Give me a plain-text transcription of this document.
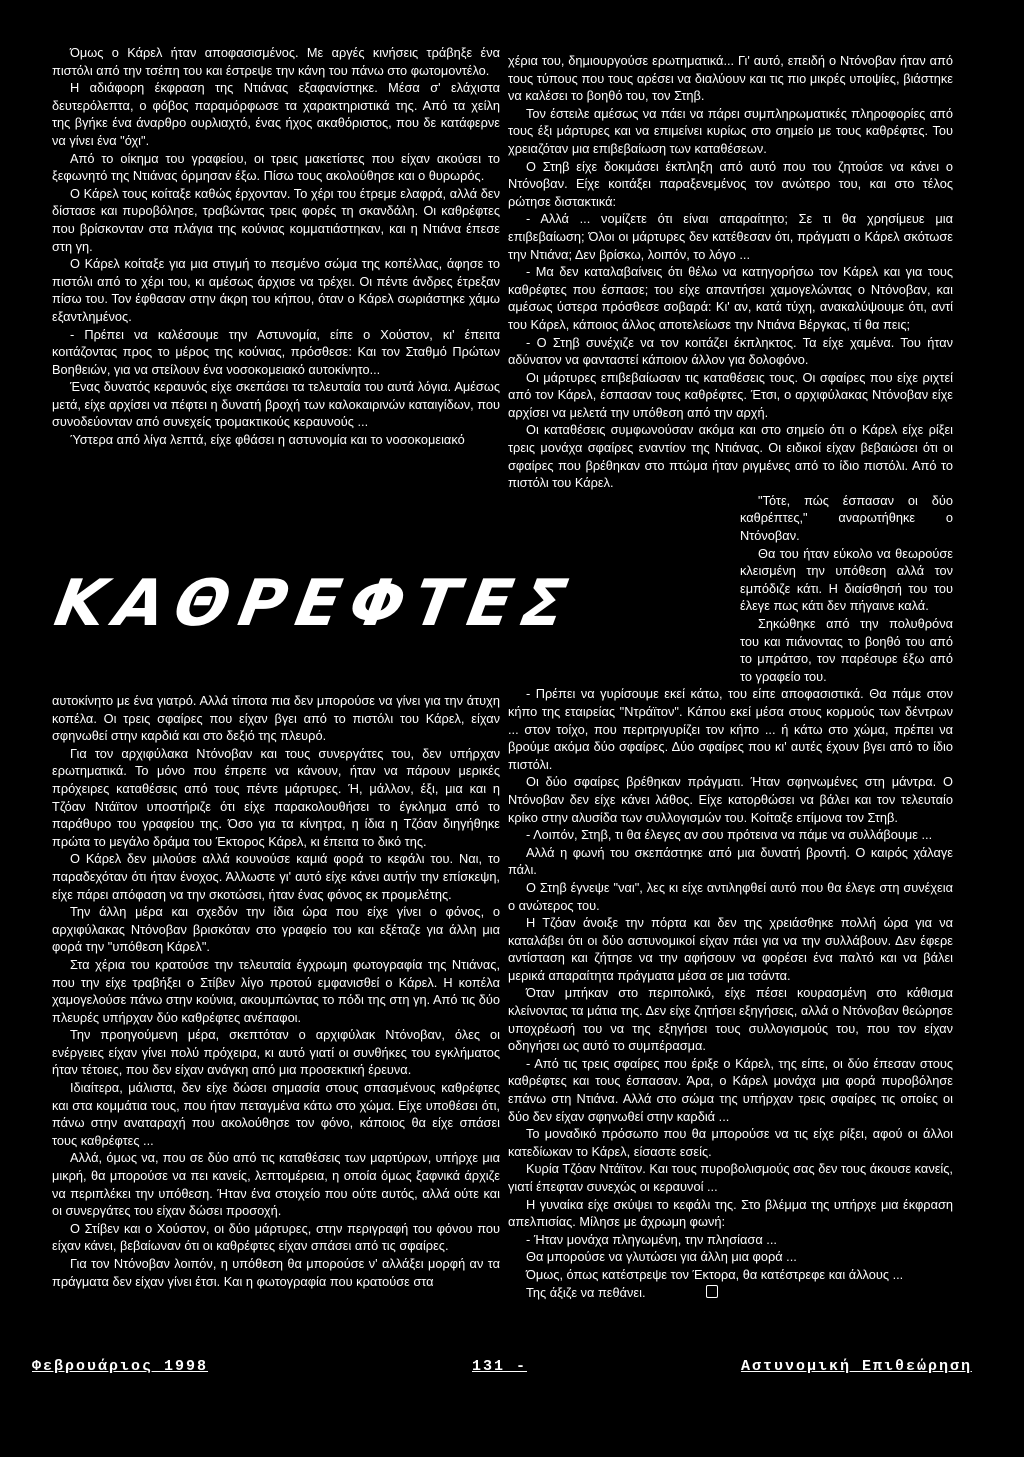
Όμως ο Κάρελ ήταν αποφασισμένος. Με αργές κινήσεις τράβηξε ένα πιστόλι από την τσέπη του και έστρεψε την κάνη του πάνω στο φωτομοντέλο.

Η αδιάφορη έκφραση της Ντιάνας εξαφανίστηκε. Μέσα σ' ελάχιστα δευτερόλεπτα, ο φόβος παραμόρφωσε τα χαρακτηριστικά της. Από τα χείλη της βγήκε ένα άναρθρο ουρλιαχτό, ένας ήχος ακαθόριστος, που δε κατάφερνε να γίνει ένα "όχι".

Από το οίκημα του γραφείου, οι τρεις μακετίστες που είχαν ακούσει το ξεφωνητό της Ντιάνας όρμησαν έξω. Πίσω τους ακολούθησε και ο θυρωρός.

Ο Κάρελ τους κοίταξε καθώς έρχονταν. Το χέρι του έτρεμε ελαφρά, αλλά δεν δίστασε και πυροβόλησε, τραβώντας τρεις φορές τη σκανδάλη. Οι καθρέφτες που βρίσκονταν στα πλάγια της κούνιας κομματιάστηκαν, και η Ντιάνα έπεσε στη γη.

Ο Κάρελ κοίταξε για μια στιγμή το πεσμένο σώμα της κοπέλλας, άφησε το πιστόλι από το χέρι του, κι αμέσως άρχισε να τρέχει. Οι πέντε άνδρες έτρεξαν πίσω του. Τον έφθασαν στην άκρη του κήπου, όταν ο Κάρελ σωριάστηκε χάμω εξαντλημένος.

- Πρέπει να καλέσουμε την Αστυνομία, είπε ο Χούστον, κι' έπειτα κοιτάζοντας προς το μέρος της κούνιας, πρόσθεσε: Και τον Σταθμό Πρώτων Βοηθειών, για να στείλουν ένα νοσοκομειακό αυτοκίνητο...

Ένας δυνατός κεραυνός είχε σκεπάσει τα τελευταία του αυτά λόγια. Αμέσως μετά, είχε αρχίσει να πέφτει η δυνατή βροχή των καλοκαιρινών καταιγίδων, που συνοδεύονταν από συνεχείς τρομακτικούς κεραυνούς ...

Ύστερα από λίγα λεπτά, είχε φθάσει η αστυνομία και το νοσοκομειακό

ΚΑΘΡΕΦΤΕΣ

αυτοκίνητο με ένα γιατρό. Αλλά τίποτα πια δεν μπορούσε να γίνει για την άτυχη κοπέλα. Οι τρεις σφαίρες που είχαν βγει από το πιστόλι του Κάρελ, είχαν σφηνωθεί στην καρδιά και στο δεξιό της πλευρό.

Για τον αρχιφύλακα Ντόνοβαν και τους συνεργάτες του, δεν υπήρχαν ερωτηματικά. Το μόνο που έπρεπε να κάνουν, ήταν να πάρουν μερικές πρόχειρες καταθέσεις από τους πέντε μάρτυρες. Ή, μάλλον, έξι, μια και η Τζόαν Ντάϊτον υποστήριζε ότι είχε παρακολουθήσει το έγκλημα από το παράθυρο του γραφείου της. Όσο για τα κίνητρα, η ίδια η Τζόαν διηγήθηκε πρώτα το μεγάλο δράμα του Έκτορος Κάρελ, κι έπειτα το δικό της.

Ο Κάρελ δεν μιλούσε αλλά κουνούσε καμιά φορά το κεφάλι του. Ναι, το παραδεχόταν ότι ήταν ένοχος. Άλλωστε γι' αυτό είχε κάνει αυτήν την επίσκεψη, είχε πάρει απόφαση να την σκοτώσει, ήταν ένας φόνος εκ προμελέτης.

Την άλλη μέρα και σχεδόν την ίδια ώρα που είχε γίνει ο φόνος, ο αρχιφύλακας Ντόνοβαν βρισκόταν στο γραφείο του και εξέταζε για άλλη μια φορά την "υπόθεση Κάρελ".

Στα χέρια του κρατούσε την τελευταία έγχρωμη φωτογραφία της Ντιάνας, που την είχε τραβήξει ο Στίβεν λίγο προτού εμφανισθεί ο Κάρελ. Η κοπέλα χαμογελούσε πάνω στην κούνια, ακουμπώντας το πόδι της στη γη. Από τις δύο πλευρές υπήρχαν δύο καθρέφτες ανέπαφοι.

Την προηγούμενη μέρα, σκεπτόταν ο αρχιφύλακ Ντόνοβαν, όλες οι ενέργειες είχαν γίνει πολύ πρόχειρα, κι αυτό γιατί οι συνθήκες του εγκλήματος ήταν τέτοιες, που δεν είχαν ανάγκη από μια προσεκτική έρευνα.

Ιδιαίτερα, μάλιστα, δεν είχε δώσει σημασία στους σπασμένους καθρέφτες και στα κομμάτια τους, που ήταν πεταγμένα κάτω στο χώμα. Είχε υποθέσει ότι, πάνω στην αναταραχή που ακολούθησε τον φόνο, κάποιος θα είχε σπάσει τους καθρέφτες ...

Αλλά, όμως να, που σε δύο από τις καταθέσεις των μαρτύρων, υπήρχε μια μικρή, θα μπορούσε να πει κανείς, λεπτομέρεια, η οποία όμως ξαφνικά άρχιζε να περιπλέκει την υπόθεση. Ήταν ένα στοιχείο που ούτε αυτός, αλλά ούτε και οι συνεργάτες του είχαν δώσει προσοχή.

Ο Στίβεν και ο Χούστον, οι δύο μάρτυρες, στην περιγραφή του φόνου που είχαν κάνει, βεβαίωναν ότι οι καθρέφτες είχαν σπάσει από τις σφαίρες.

Για τον Ντόνοβαν λοιπόν, η υπόθεση θα μπορούσε ν' αλλάξει μορφή αν τα πράγματα δεν είχαν γίνει έτσι. Και η φωτογραφία που κρατούσε στα

χέρια του, δημιουργούσε ερωτηματικά... Γι' αυτό, επειδή ο Ντόνοβαν ήταν από τους τύπους που τους αρέσει να διαλύουν και τις πιο μικρές υποψίες, βιάστηκε να καλέσει το βοηθό του, τον Στηβ.

Τον έστειλε αμέσως να πάει να πάρει συμπληρωματικές πληροφορίες από τους έξι μάρτυρες και να επιμείνει κυρίως στο σημείο με τους καθρέφτες. Του χρειαζόταν μια επιβεβαίωση των καταθέσεων.

Ο Στηβ είχε δοκιμάσει έκπληξη από αυτό που του ζητούσε να κάνει ο Ντόνοβαν. Είχε κοιτάξει παραξενεμένος τον ανώτερο του, και στο τέλος ρώτησε διστακτικά:

- Αλλά ... νομίζετε ότι είναι απαραίτητο; Σε τι θα χρησίμευε μια επιβεβαίωση; Όλοι οι μάρτυρες δεν κατέθεσαν ότι, πράγματι ο Κάρελ σκότωσε την Ντιάνα; Δεν βρίσκω, λοιπόν, το λόγο ...

- Μα δεν καταλαβαίνεις ότι θέλω να κατηγορήσω τον Κάρελ και για τους καθρέφτες που έσπασε; του είχε απαντήσει χαμογελώντας ο Ντόνοβαν, και αμέσως ύστερα πρόσθεσε σοβαρά: Κι' αν, κατά τύχη, ανακαλύψουμε ότι, αντί του Κάρελ, κάποιος άλλος αποτελείωσε την Ντιάνα Βέργκας, τί θα πεις;

- Ο Στηβ συνέχιζε να τον κοιτάζει έκπληκτος. Τα είχε χαμένα. Του ήταν αδύνατον να φανταστεί κάποιον άλλον για δολοφόνο.

Οι μάρτυρες επιβεβαίωσαν τις καταθέσεις τους. Οι σφαίρες που είχε ριχτεί από τον Κάρελ, έσπασαν τους καθρέφτες. Έτσι, ο αρχιφύλακας Ντόνοβαν είχε αρχίσει να μελετά την υπόθεση από την αρχή.

Οι καταθέσεις συμφωνούσαν ακόμα και στο σημείο ότι ο Κάρελ είχε ρίξει τρεις μονάχα σφαίρες εναντίον της Ντιάνας. Οι ειδικοί είχαν βεβαιώσει ότι οι σφαίρες που βρέθηκαν στο πτώμα ήταν ριγμένες από το ίδιο πιστόλι. Από το πιστόλι του Κάρελ.

"Τότε, πώς έσπασαν οι δύο καθρέπτες," αναρωτήθηκε ο Ντόνοβαν.

Θα του ήταν εύκολο να θεωρούσε κλεισμένη την υπόθεση αλλά τον εμπόδιζε κάτι. Η διαίσθησή του του έλεγε πως κάτι δεν πήγαινε καλά.

Σηκώθηκε από την πολυθρόνα του και πιάνοντας το βοηθό του από το μπράτσο, τον παρέσυρε έξω από το γραφείο του.

- Πρέπει να γυρίσουμε εκεί κάτω, του είπε αποφασιστικά. Θα πάμε στον κήπο της εταιρείας "Ντράϊτον". Κάπου εκεί μέσα στους κορμούς των δέντρων ... στον τοίχο, που περιτριγυρίζει τον κήπο ... ή κάτω στο χώμα, πρέπει να βρούμε ακόμα δύο σφαίρες. Δύο σφαίρες που κι' αυτές έχουν βγει από το ίδιο πιστόλι.

Οι δύο σφαίρες βρέθηκαν πράγματι. Ήταν σφηνωμένες στη μάντρα. Ο Ντόνοβαν δεν είχε κάνει λάθος. Είχε κατορθώσει να βάλει και τον τελευταίο κρίκο στην αλυσίδα των συλλογισμών του. Κοίταξε επίμονα τον Στηβ.

- Λοιπόν, Στηβ, τι θα έλεγες αν σου πρότεινα να πάμε να συλλάβουμε ...

Αλλά η φωνή του σκεπάστηκε από μια δυνατή βροντή. Ο καιρός χάλαγε πάλι.

Ο Στηβ έγνεψε "ναι", λες κι είχε αντιληφθεί αυτό που θα έλεγε στη συνέχεια ο ανώτερος του.

Η Τζόαν άνοιξε την πόρτα και δεν της χρειάσθηκε πολλή ώρα για να καταλάβει ότι οι δύο αστυνομικοί είχαν πάει για να την συλλάβουν. Δεν έφερε αντίσταση και ζήτησε να την αφήσουν να φορέσει ένα παλτό και να βάλει μερικά απαραίτητα πράγματα μέσα σε μια τσάντα.

Όταν μπήκαν στο περιπολικό, είχε πέσει κουρασμένη στο κάθισμα κλείνοντας τα μάτια της. Δεν είχε ζητήσει εξηγήσεις, αλλά ο Ντόνοβαν θεώρησε υποχρέωσή του να της εξηγήσει τους συλλογισμούς του, που τον είχαν οδηγήσει ως αυτό το συμπέρασμα.

- Από τις τρεις σφαίρες που έριξε ο Κάρελ, της είπε, οι δύο έπεσαν στους καθρέφτες και τους έσπασαν. Άρα, ο Κάρελ μονάχα μια φορά πυροβόλησε επάνω στη Ντιάνα. Αλλά στο σώμα της υπήρχαν τρεις σφαίρες τις οποίες οι δύο δεν είχαν σφηνωθεί στην καρδιά ...

Το μοναδικό πρόσωπο που θα μπορούσε να τις είχε ρίξει, αφού οι άλλοι κατεδίωκαν το Κάρελ, είσαστε εσείς.

Κυρία Τζόαν Ντάϊτον. Και τους πυροβολισμούς σας δεν τους άκουσε κανείς, γιατί έπεφταν συνεχώς οι κεραυνοί ...

Η γυναίκα είχε σκύψει το κεφάλι της. Στο βλέμμα της υπήρχε μια έκφραση απελπισίας. Μίλησε με άχρωμη φωνή:

- Ήταν μονάχα πληγωμένη, την πλησίασα ...

Θα μπορούσε να γλυτώσει για άλλη μια φορά ...

Όμως, όπως κατέστρεψε τον Έκτορα, θα κατέστρεφε και άλλους ...

Της άξιζε να πεθάνει.

Φεβρουάριος 1998	131 -	Αστυνομική Επιθεώρηση
